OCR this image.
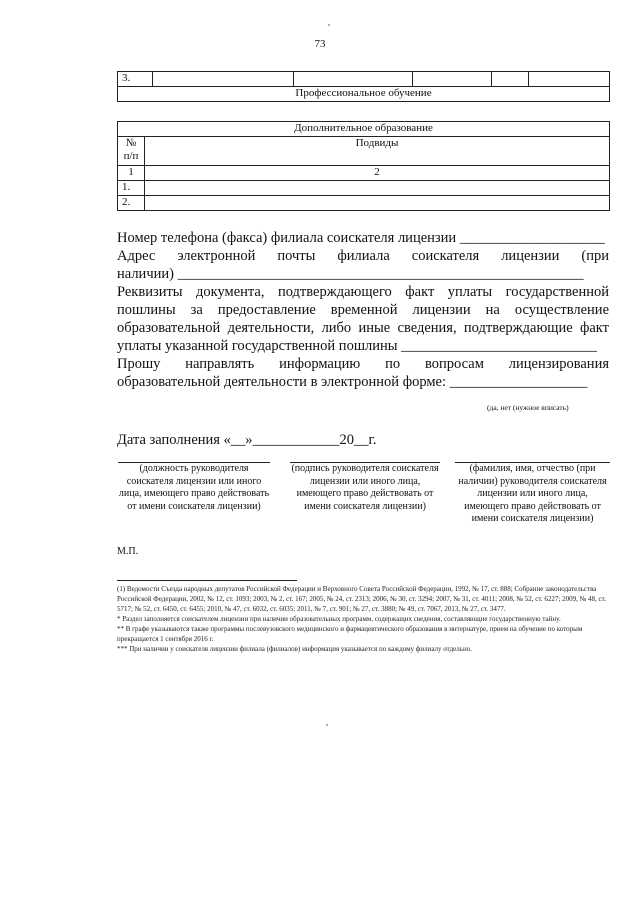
73
3.					
Профессиональное обучение
Дополнительное образование	
№ п/п	Подвиды
1	2
1.	
2.	
Номер телефона (факса) филиала соискателя лицензии ____________________
Адрес электронной почты филиала соискателя лицензии (при
наличии) ________________________________________________________
Реквизиты документа, подтверждающего факт уплаты государственной
пошлины за предоставление временной лицензии на осуществление
образовательной деятельности, либо иные сведения, подтверждающие факт
уплаты указанной государственной пошлины ___________________________
Прошу направлять информацию по вопросам лицензирования
образовательной деятельности в электронной форме: ___________________
(да, нет (нужное вписать)
Дата заполнения «__»____________20__г.
(должность руководителя соискателя лицензии или иного лица, имеющего право действовать от имени соискателя лицензии)
(подпись руководителя соискателя лицензии или иного лица, имеющего право действовать от имени соискателя лицензии)
(фамилия, имя, отчество (при наличии) руководителя соискателя лицензии или иного лица, имеющего право действовать от имени соискателя лицензии)
М.П.
(1) Ведомости Съезда народных депутатов Российской Федерации и Верховного Совета Российской Федерации, 1992, № 17, ст. 888; Собрание законодательства Российской Федерации, 2002, № 12, ст. 1093; 2003, № 2, ст. 167; 2005, № 24, ст. 2313; 2006, № 30, ст. 3294; 2007, № 31, ст. 4011; 2008, № 52, ст. 6227; 2009, № 48, ст. 5717; № 52, ст. 6450, ст. 6455; 2010, № 47, ст. 6032, ст. 6035; 2011, № 7, ст. 901; № 27, ст. 3880; № 49, ст. 7067, 2013, № 27, ст. 3477.
* Раздел заполняется соискателем лицензии при наличии образовательных программ, содержащих сведения, составляющие государственную тайну.
** В графе указываются также программы послевузовского медицинского и фармацевтического образования в интернатуре, прием на обучение по которым прекращается 1 сентября 2016 г.
*** При наличии у соискателя лицензии филиала (филиалов) информация указывается по каждому филиалу отдельно.
